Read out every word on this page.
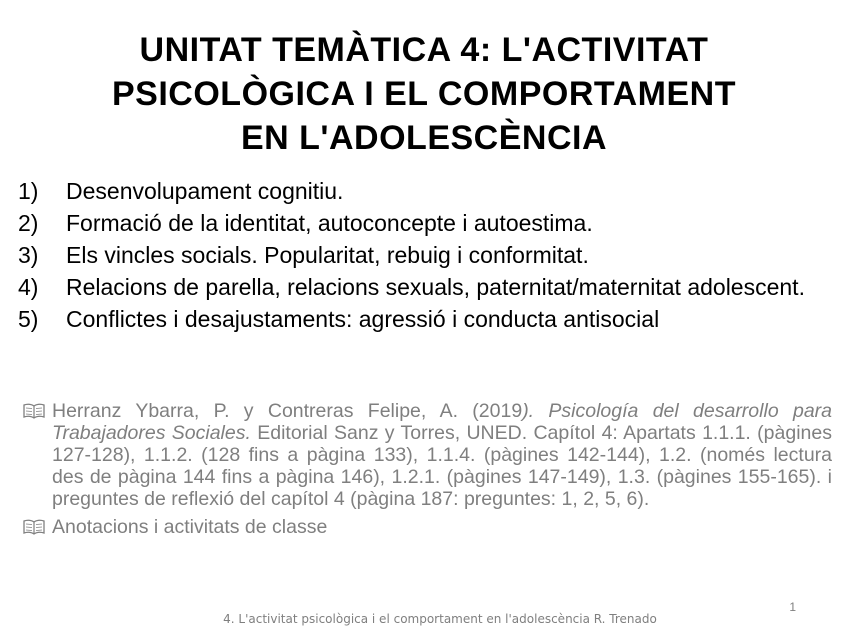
UNITAT TEMÀTICA 4: L'ACTIVITAT
PSICOLÒGICA I EL COMPORTAMENT
EN L'ADOLESCÈNCIA
1) Desenvolupament cognitiu.
2) Formació de la identitat, autoconcepte i autoestima.
3) Els vincles socials. Popularitat, rebuig i conformitat.
4) Relacions de parella, relacions sexuals, paternitat/maternitat adolescent.
5) Conflictes i desajustaments: agressió i conducta antisocial
Herranz Ybarra, P. y Contreras Felipe, A. (2019). Psicología del desarrollo para Trabajadores Sociales. Editorial Sanz y Torres, UNED. Capítol 4: Apartats 1.1.1. (pàgines 127-128), 1.1.2. (128 fins a pàgina 133), 1.1.4. (pàgines 142-144), 1.2. (només lectura des de pàgina 144 fins a pàgina 146), 1.2.1. (pàgines 147-149), 1.3. (pàgines 155-165). i preguntes de reflexió del capítol 4 (pàgina 187: preguntes: 1, 2, 5, 6).
Anotacions i activitats de classe
1
4. L'activitat psicològica i el comportament en l'adolescència R. Trenado
